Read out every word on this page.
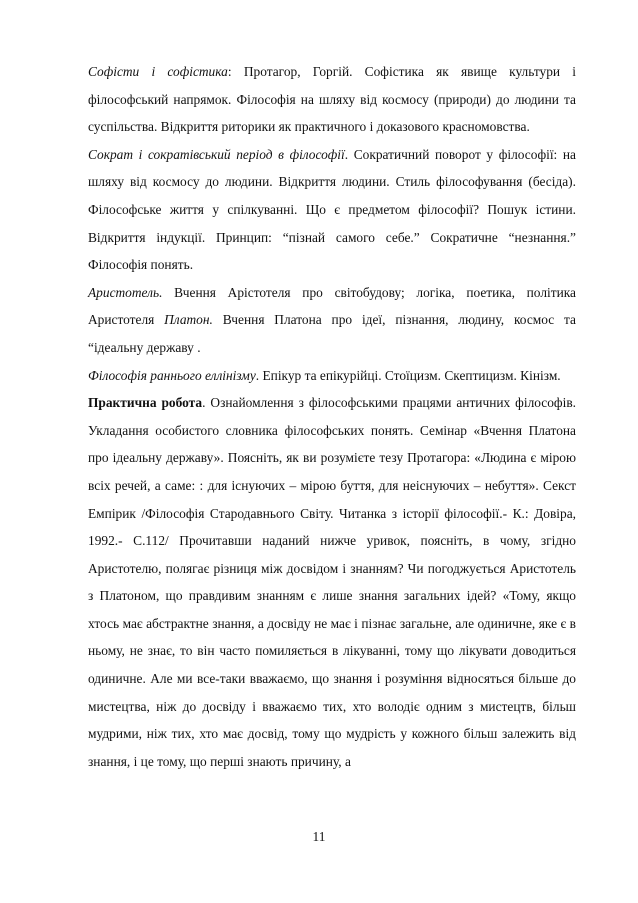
Софісти і софістика: Протагор, Горгій. Софістика як явище культури і філософський напрямок. Філософія на шляху від космосу (природи) до людини та суспільства. Відкриття риторики як практичного і доказового красномовства.

Сократ і сократівський період в філософії. Сократичний поворот у філософії: на шляху від космосу до людини. Відкриття людини. Стиль філософування (бесіда). Філософське життя у спілкуванні. Що є предметом філософії? Пошук істини. Відкриття індукції. Принцип: “пізнай самого себе.” Сократичне “незнання.” Філософія понять.

Аристотель. Вчення Арістотеля про світобудову; логіка, поетика, політика Аристотеля Платон. Вчення Платона про ідеї, пізнання, людину, космос та “ідеальну державу .

Філософія раннього еллінізму. Епікур та епікурійці. Стоїцизм. Скептицизм. Кінізм.

Практична робота. Ознайомлення з філософськими працями античних філософів. Укладання особистого словника філософських понять. Семінар «Вчення Платона про ідеальну державу». Поясніть, як ви розумієте тезу Протагора: «Людина є мірою всіх речей, а саме: : для існуючих – мірою буття, для неіснуючих – небуття». Секст Емпірик /Філософія Стародавнього Світу. Читанка з історії філософії.- К.: Довіра, 1992.- С.112/ Прочитавши наданий нижче уривок, поясніть, в чому, згідно Аристотелю, полягає різниця між досвідом і знанням? Чи погоджується Аристотель з Платоном, що правдивим знанням є лише знання загальних ідей? «Тому, якщо хтось має абстрактне знання, а досвіду не має і пізнає загальне, але одиничне, яке є в ньому, не знає, то він часто помиляється в лікуванні, тому що лікувати доводиться одиничне. Але ми все-таки вважаємо, що знання і розуміння відносяться більше до мистецтва, ніж до досвіду і вважаємо тих, хто володіє одним з мистецтв, більш мудрими, ніж тих, хто має досвід, тому що мудрість у кожного більш залежить від знання, і це тому, що перші знають причину, а

11
